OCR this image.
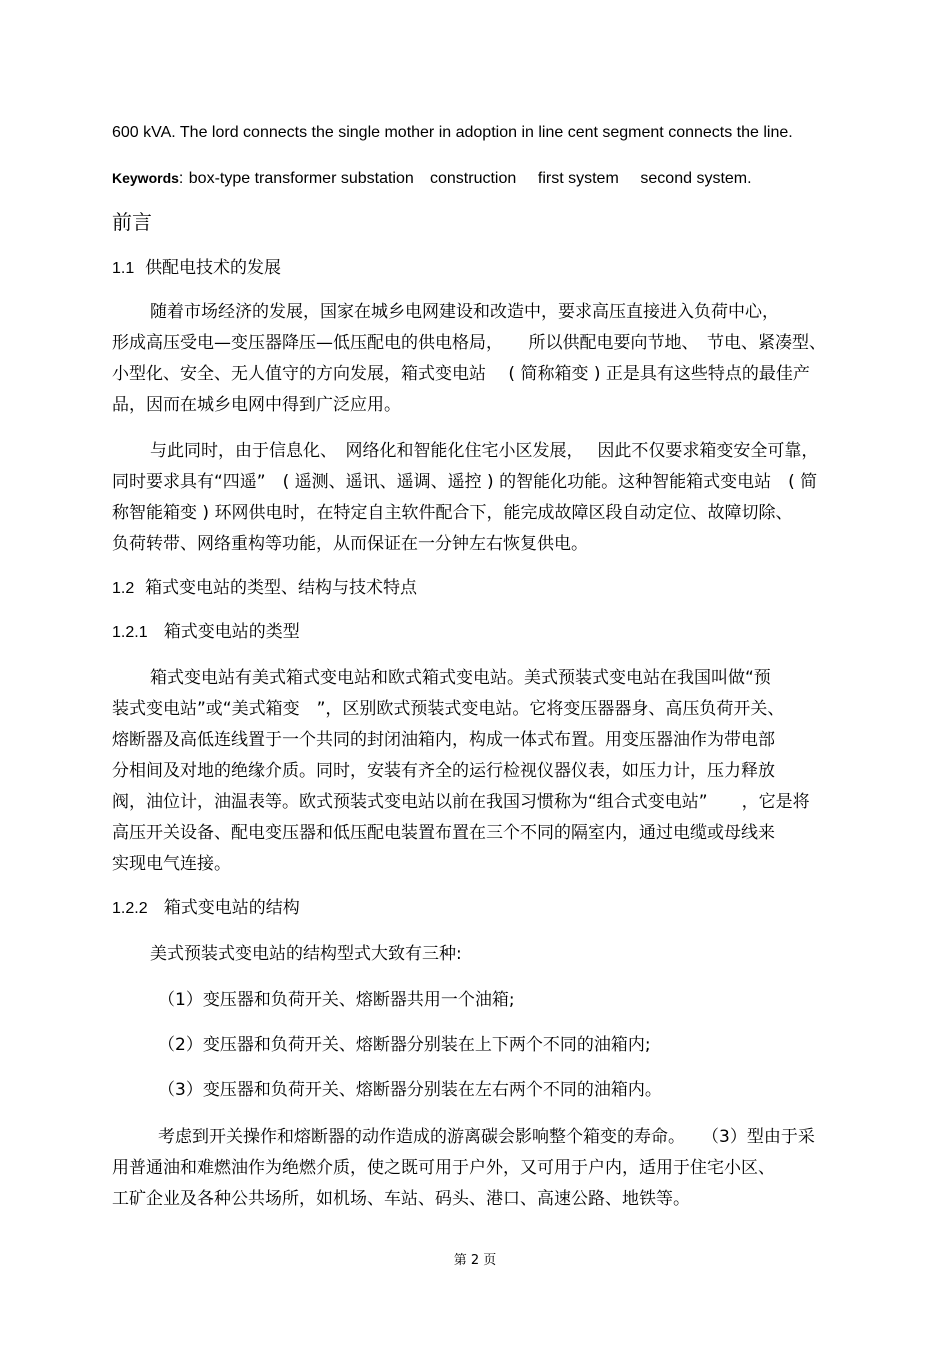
600 kVA. The lord connects the single mother in adoption in line cent segment connects the line.
Keywords: box-type transformer substation construction first system second system.
前言
1.1 供配电技术的发展
随着市场经济的发展，国家在城乡电网建设和改造中，要求高压直接进入负荷中心，
形成高压受电—变压器降压—低压配电的供电格局，　　所以供配电要向节地、　节电、紧凑型、
小型化、安全、无人值守的方向发展，箱式变电站　 ( 简称箱变 ) 正是具有这些特点的最佳产
品，因而在城乡电网中得到广泛应用。
与此同时，由于信息化、　网络化和智能化住宅小区发展，　 因此不仅要求箱变安全可靠，
同时要求具有“四遥”　( 遥测、遥讯、遥调、遥控 ) 的智能化功能。这种智能箱式变电站　( 简
称智能箱变 ) 环网供电时，在特定自主软件配合下，能完成故障区段自动定位、故障切除、
负荷转带、网络重构等功能，从而保证在一分钟左右恢复供电。
1.2 箱式变电站的类型、结构与技术特点
1.2.1 箱式变电站的类型
箱式变电站有美式箱式变电站和欧式箱式变电站。美式预装式变电站在我国叫做“预
装式变电站”或“美式箱变　”，区别欧式预装式变电站。它将变压器器身、高压负荷开关、
熔断器及高低连线置于一个共同的封闭油箱内，构成一体式布置。用变压器油作为带电部
分相间及对地的绝缘介质。同时，安装有齐全的运行检视仪器仪表，如压力计，压力释放
阀，油位计，油温表等。欧式预装式变电站以前在我国习惯称为“组合式变电站”　　，它是将
高压开关设备、配电变压器和低压配电装置布置在三个不同的隔室内，通过电缆或母线来
实现电气连接。
1.2.2 箱式变电站的结构
美式预装式变电站的结构型式大致有三种:
（1）变压器和负荷开关、熔断器共用一个油箱;
（2）变压器和负荷开关、熔断器分别装在上下两个不同的油箱内;
（3）变压器和负荷开关、熔断器分别装在左右两个不同的油箱内。
考虑到开关操作和熔断器的动作造成的游离碳会影响整个箱变的寿命。　　（3）型由于采
用普通油和难燃油作为绝燃介质，使之既可用于户外，又可用于户内，适用于住宅小区、
工矿企业及各种公共场所，如机场、车站、码头、港口、高速公路、地铁等。
第 2 页
